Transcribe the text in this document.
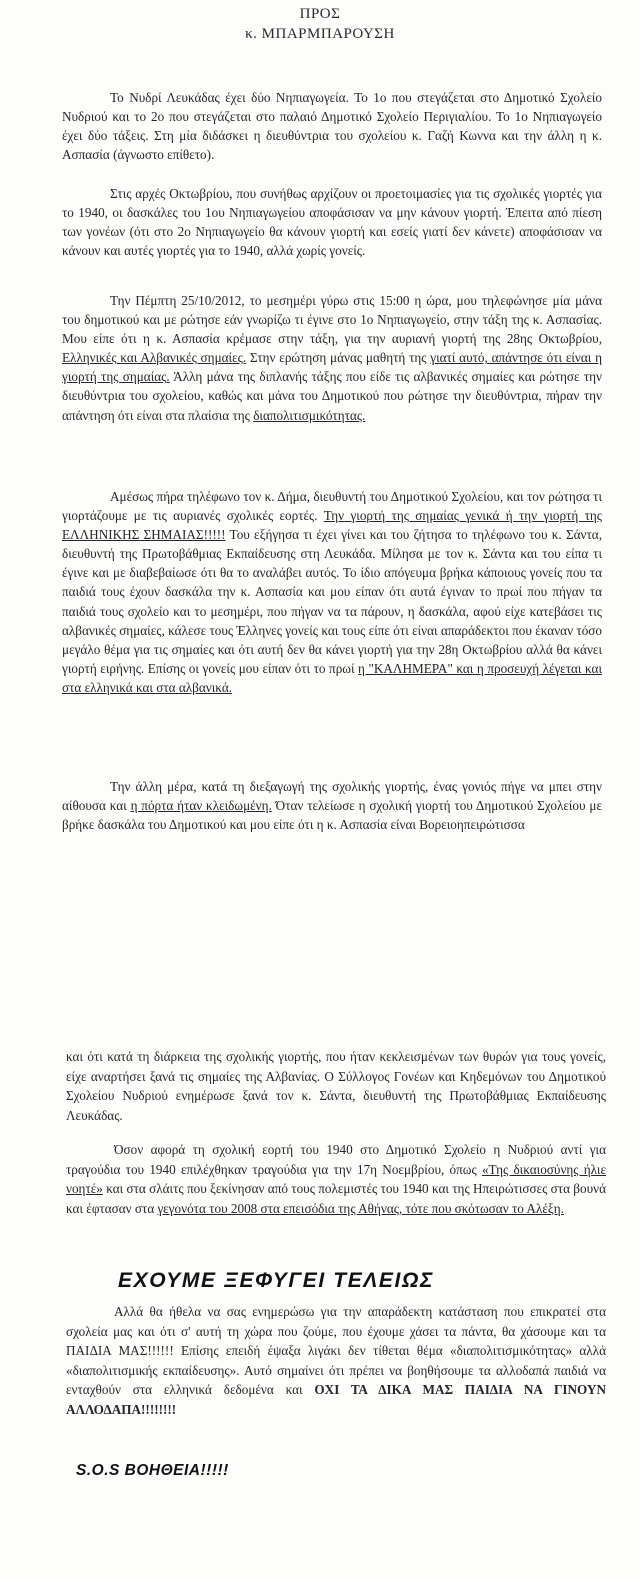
ΠΡΟΣ
κ. ΜΠΑΡΜΠΑΡΟΥΣΗ
Το Νυδρί Λευκάδας έχει δύο Νηπιαγωγεία. Το 1ο που στεγάζεται στο Δημοτικό Σχολείο Νυδριού και το 2ο που στεγάζεται στο παλαιό Δημοτικό Σχολείο Περιγιαλίου. Το 1ο Νηπιαγωγείο έχει δύο τάξεις. Στη μία διδάσκει η διευθύντρια του σχολείου κ. Γαζή Κωννα και την άλλη η κ. Ασπασία (άγνωστο επίθετο).
Στις αρχές Οκτωβρίου, που συνήθως αρχίζουν οι προετοιμασίες για τις σχολικές γιορτές για το 1940, οι δασκάλες του 1ου Νηπιαγωγείου αποφάσισαν να μην κάνουν γιορτή. Έπειτα από πίεση των γονέων (ότι στο 2ο Νηπιαγωγείο θα κάνουν γιορτή και εσείς γιατί δεν κάνετε) αποφάσισαν να κάνουν και αυτές γιορτές για το 1940, αλλά χωρίς γονείς.
Την Πέμπτη 25/10/2012, το μεσημέρι γύρω στις 15:00 η ώρα, μου τηλεφώνησε μία μάνα του δημοτικού και με ρώτησε εάν γνωρίζω τι έγινε στο 1ο Νηπιαγωγείο, στην τάξη της κ. Ασπασίας. Μου είπε ότι η κ. Ασπασία κρέμασε στην τάξη, για την αυριανή γιορτή της 28ης Οκτωβρίου, Ελληνικές και Αλβανικές σημαίες. Στην ερώτηση μάνας μαθητή της γιατί αυτό, απάντησε ότι είναι η γιορτή της σημαίας. Άλλη μάνα της διπλανής τάξης που είδε τις αλβανικές σημαίες και ρώτησε την διευθύντρια του σχολείου, καθώς και μάνα του Δημοτικού που ρώτησε την διευθύντρια, πήραν την απάντηση ότι είναι στα πλαίσια της διαπολιτισμικότητας.
Αμέσως πήρα τηλέφωνο τον κ. Δήμα, διευθυντή του Δημοτικού Σχολείου, και τον ρώτησα τι γιορτάζουμε με τις αυριανές σχολικές εορτές. Την γιορτή της σημαίας γενικά ή την γιορτή της ΕΛΛΗΝΙΚΗΣ ΣΗΜΑΙΑΣ!!!!! Του εξήγησα τι έχει γίνει και του ζήτησα το τηλέφωνο του κ. Σάντα, διευθυντή της Πρωτοβάθμιας Εκπαίδευσης στη Λευκάδα. Μίλησα με τον κ. Σάντα και του είπα τι έγινε και με διαβεβαίωσε ότι θα το αναλάβει αυτός. Το ίδιο απόγευμα βρήκα κάποιους γονείς που τα παιδιά τους έχουν δασκάλα την κ. Ασπασία και μου είπαν ότι αυτά έγιναν το πρωί που πήγαν τα παιδιά τους σχολείο και το μεσημέρι, που πήγαν να τα πάρουν, η δασκάλα, αφού είχε κατεβάσει τις αλβανικές σημαίες, κάλεσε τους Έλληνες γονείς και τους είπε ότι είναι απαράδεκτοι που έκαναν τόσο μεγάλο θέμα για τις σημαίες και ότι αυτή δεν θα κάνει γιορτή για την 28η Οκτωβρίου αλλά θα κάνει γιορτή ειρήνης. Επίσης οι γονείς μου είπαν ότι το πρωί η "ΚΑΛΗΜΕΡΑ" και η προσευχή λέγεται και στα ελληνικά και στα αλβανικά.
Την άλλη μέρα, κατά τη διεξαγωγή της σχολικής γιορτής, ένας γονιός πήγε να μπει στην αίθουσα και η πόρτα ήταν κλειδωμένη. Όταν τελείωσε η σχολική γιορτή του Δημοτικού Σχολείου με βρήκε δασκάλα του Δημοτικού και μου είπε ότι η κ. Ασπασία είναι Βορειοηπειρώτισσα
και ότι κατά τη διάρκεια της σχολικής γιορτής, που ήταν κεκλεισμένων των θυρών για τους γονείς, είχε αναρτήσει ξανά τις σημαίες της Αλβανίας. Ο Σύλλογος Γονέων και Κηδεμόνων του Δημοτικού Σχολείου Νυδριού ενημέρωσε ξανά τον κ. Σάντα, διευθυντή της Πρωτοβάθμιας Εκπαίδευσης Λευκάδας.
Όσον αφορά τη σχολική εορτή του 1940 στο Δημοτικό Σχολείο η Νυδριού αντί για τραγούδια του 1940 επιλέχθηκαν τραγούδια για την 17η Νοεμβρίου, όπως «Της δικαιοσύνης ήλιε νοητέ» και στα σλάιτς που ξεκίνησαν από τους πολεμιστές του 1940 και της Ηπειρώτισσες στα βουνά και έφτασαν στα γεγονότα του 2008 στα επεισόδια της Αθήνας, τότε που σκότωσαν το Αλέξη.
ΕΧΟΥΜΕ ΞΕΦΥΓΕΙ ΤΕΛΕΙΩΣ
Αλλά θα ήθελα να σας ενημερώσω για την απαράδεκτη κατάσταση που επικρατεί στα σχολεία μας και ότι σ' αυτή τη χώρα που ζούμε, που έχουμε χάσει τα πάντα, θα χάσουμε και τα ΠΑΙΔΙΑ ΜΑΣ!!!!!! Επίσης επειδή έψαξα λιγάκι δεν τίθεται θέμα «διαπολιτισμικότητας» αλλά «διαπολιτισμικής εκπαίδευσης». Αυτό σημαίνει ότι πρέπει να βοηθήσουμε τα αλλοδαπά παιδιά να ενταχθούν στα ελληνικά δεδομένα και ΟΧΙ ΤΑ ΔΙΚΑ ΜΑΣ ΠΑΙΔΙΑ ΝΑ ΓΙΝΟΥΝ ΑΛΛΟΔΑΠΑ!!!!!!!!
S.O.S ΒΟΗΘΕΙΑ!!!!!
